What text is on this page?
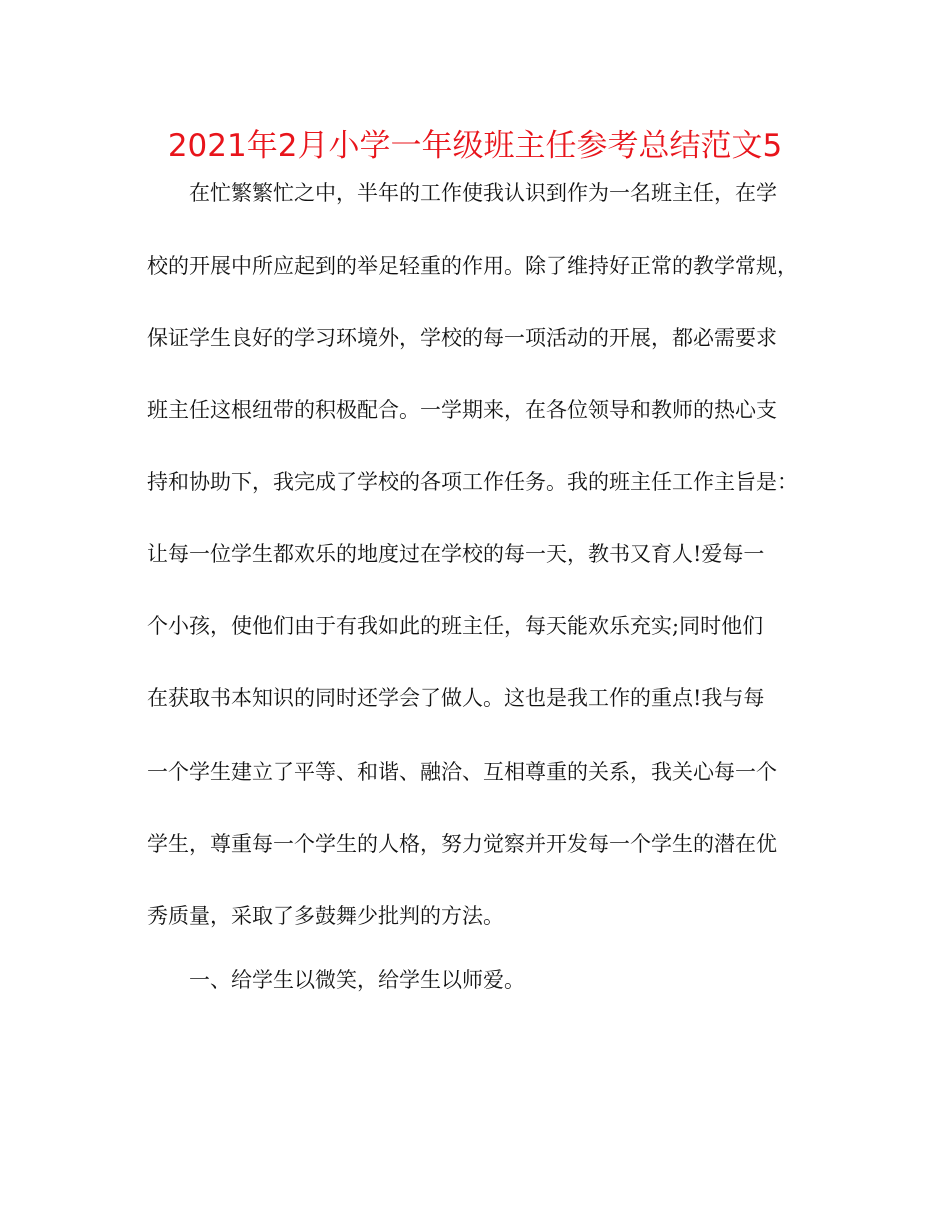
2021年2月小学一年级班主任参考总结范文5

在忙繁繁忙之中，半年的工作使我认识到作为一名班主任，在学

校的开展中所应起到的举足轻重的作用。除了维持好正常的教学常规，

保证学生良好的学习环境外，学校的每一项活动的开展，都必需要求

班主任这根纽带的积极配合。一学期来，在各位领导和教师的热心支

持和协助下，我完成了学校的各项工作任务。我的班主任工作主旨是：

让每一位学生都欢乐的地度过在学校的每一天，教书又育人!爱每一

个小孩，使他们由于有我如此的班主任，每天能欢乐充实;同时他们

在获取书本知识的同时还学会了做人。这也是我工作的重点!我与每

一个学生建立了平等、和谐、融洽、互相尊重的关系，我关心每一个

学生，尊重每一个学生的人格，努力觉察并开发每一个学生的潜在优

秀质量，采取了多鼓舞少批判的方法。

一、给学生以微笑，给学生以师爱。
